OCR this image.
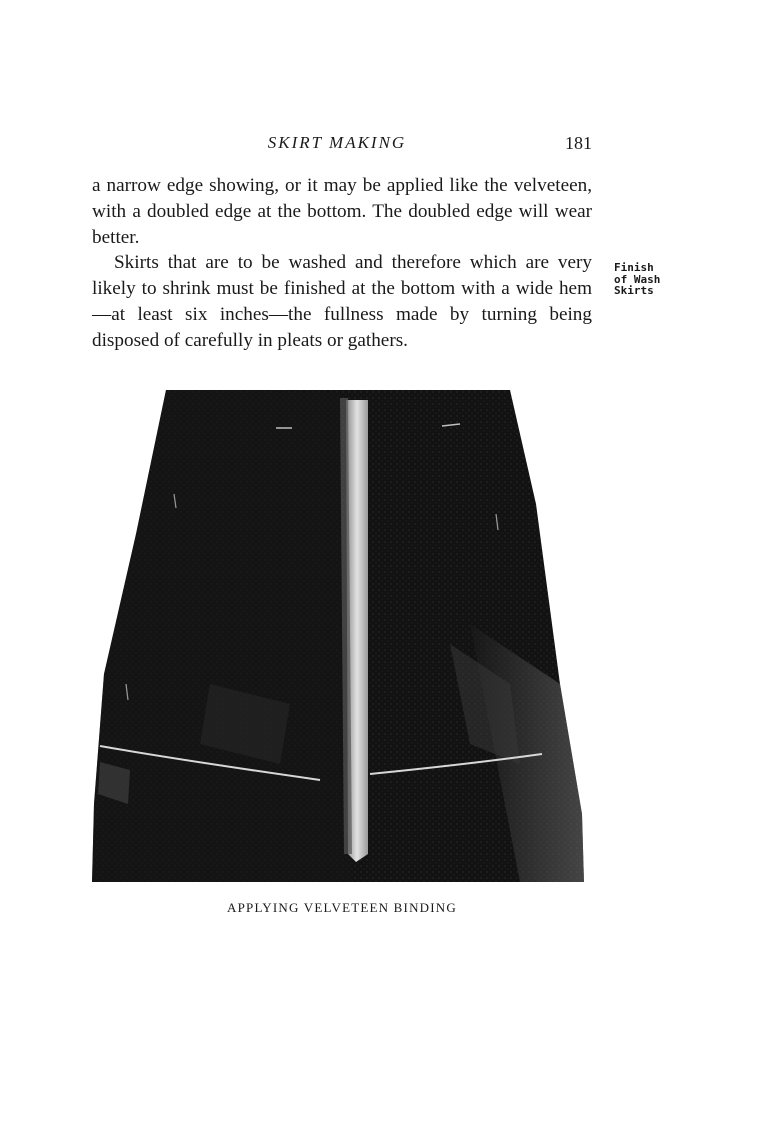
SKIRT MAKING	181

a narrow edge showing, or it may be applied like the velveteen, with a doubled edge at the bottom. The doubled edge will wear better.

Skirts that are to be washed and therefore which are very likely to shrink must be finished at the bottom with a wide hem—at least six inches—the fullness made by turning being disposed of carefully in pleats or gathers.

Finish
of Wash
Skirts
APPLYING VELVETEEN BINDING
